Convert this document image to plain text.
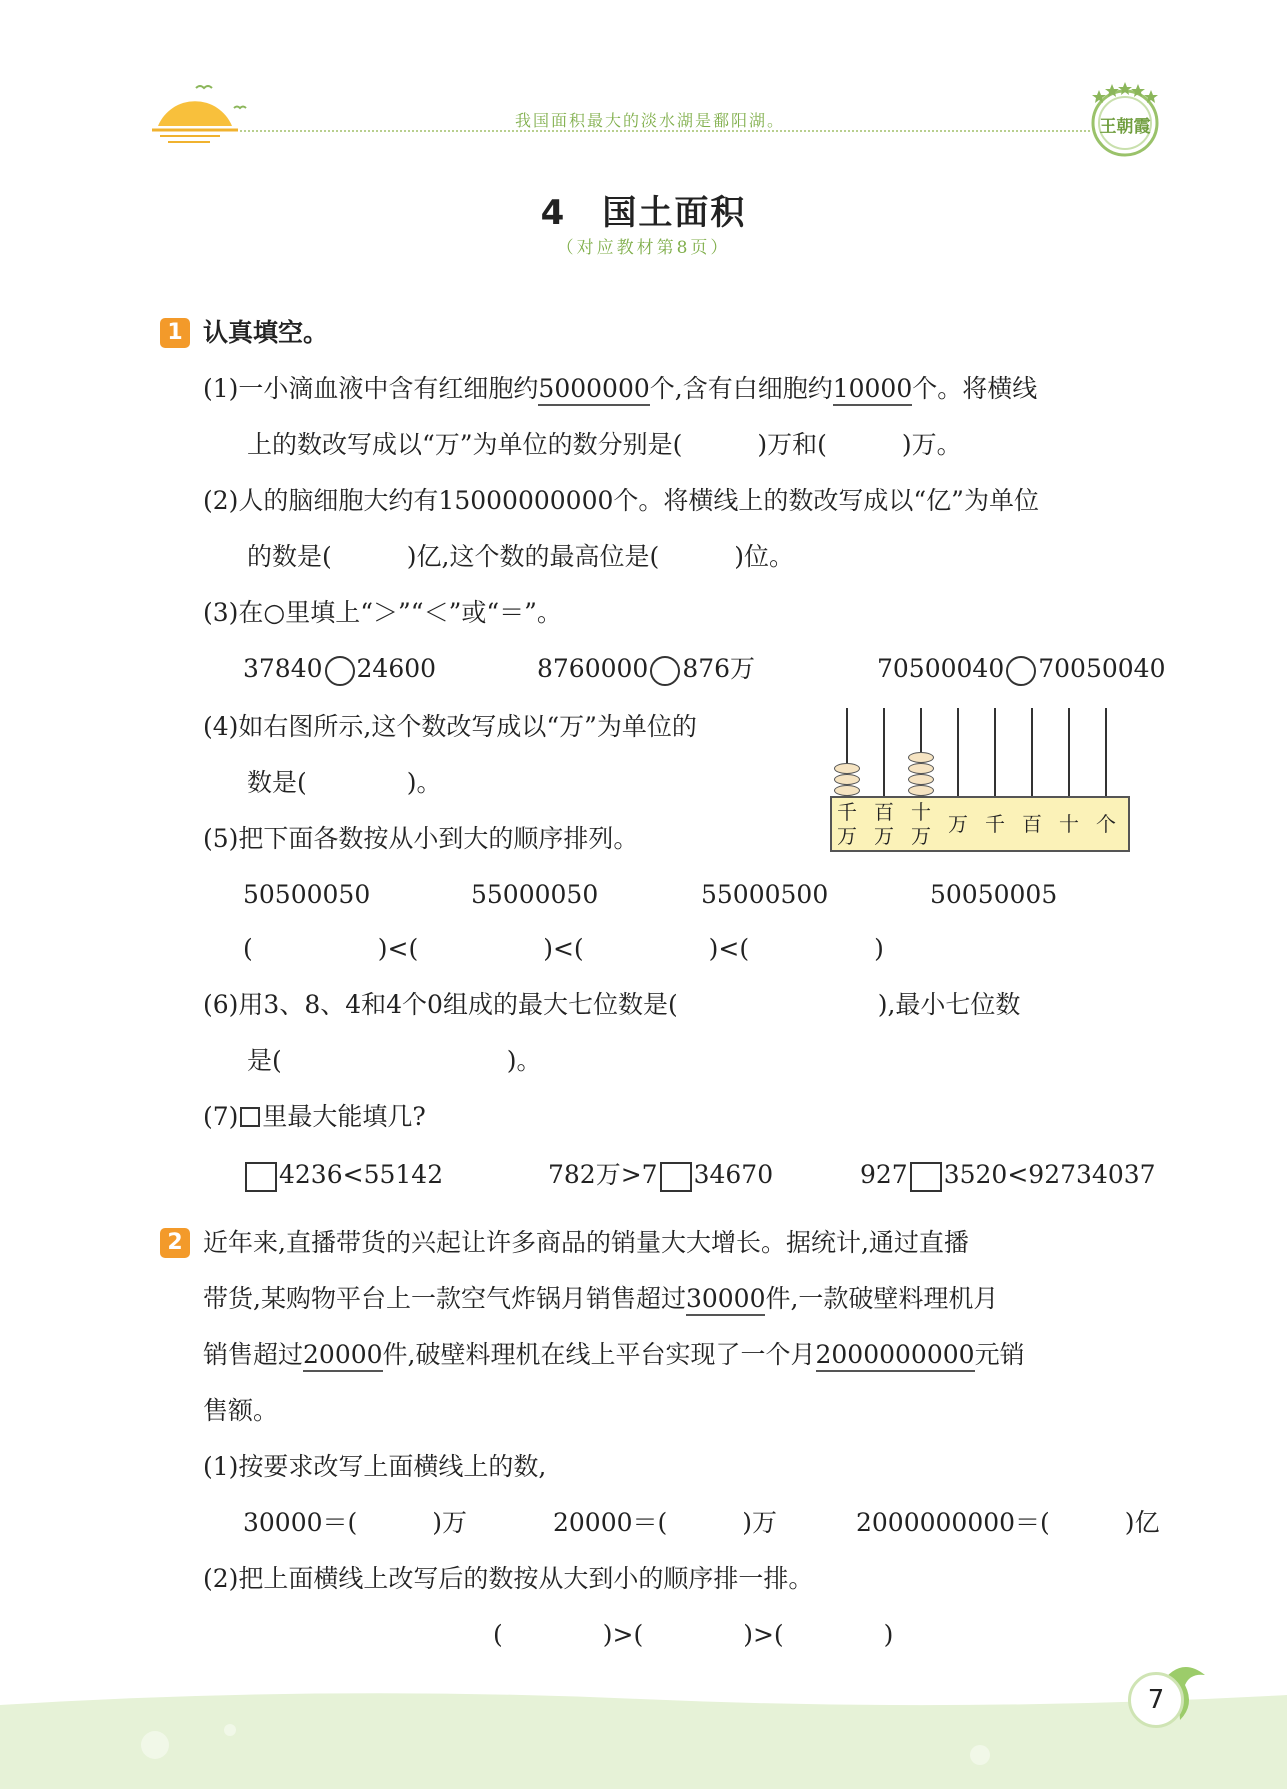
我国面积最大的淡水湖是鄱阳湖。	王朝霞
4　国土面积
（对应教材第8页）
1 认真填空。
(1)一小滴血液中含有红细胞约5000000个,含有白细胞约10000个。将横线
上的数改写成以“万”为单位的数分别是(　　　)万和(　　　)万。
(2)人的脑细胞大约有15000000000个。将横线上的数改写成以“亿”为单位
的数是(　　　)亿,这个数的最高位是(　　　)位。
(3)在○里填上“＞”“＜”或“＝”。
37840 24600	8760000 876万	70500040 70050040
(4)如右图所示,这个数改写成以“万”为单位的
数是(　　　　)。
千万
百万
十万 万 千 百 十 个
(5)把下面各数按从小到大的顺序排列。
50500050	55000050	55000500	50050005
(　　　　　)<(　　　　　)<(　　　　　)<(　　　　　)
(6)用3、8、4和4个0组成的最大七位数是(　　　　　　　　),最小七位数
是(　　　　　　　　　)。
(7) 里最大能填几?
4236<55142	782万>7 34670	927 3520<92734037
2 近年来,直播带货的兴起让许多商品的销量大大增长。据统计,通过直播
带货,某购物平台上一款空气炸锅月销售超过30000件,一款破壁料理机月
销售超过20000件,破壁料理机在线上平台实现了一个月2000000000元销
售额。
(1)按要求改写上面横线上的数,
30000＝(　　　)万	20000＝(　　　)万	2000000000＝(　　　)亿
(2)把上面横线上改写后的数按从大到小的顺序排一排。
(　　　　)>(　　　　)>(　　　　)
7
